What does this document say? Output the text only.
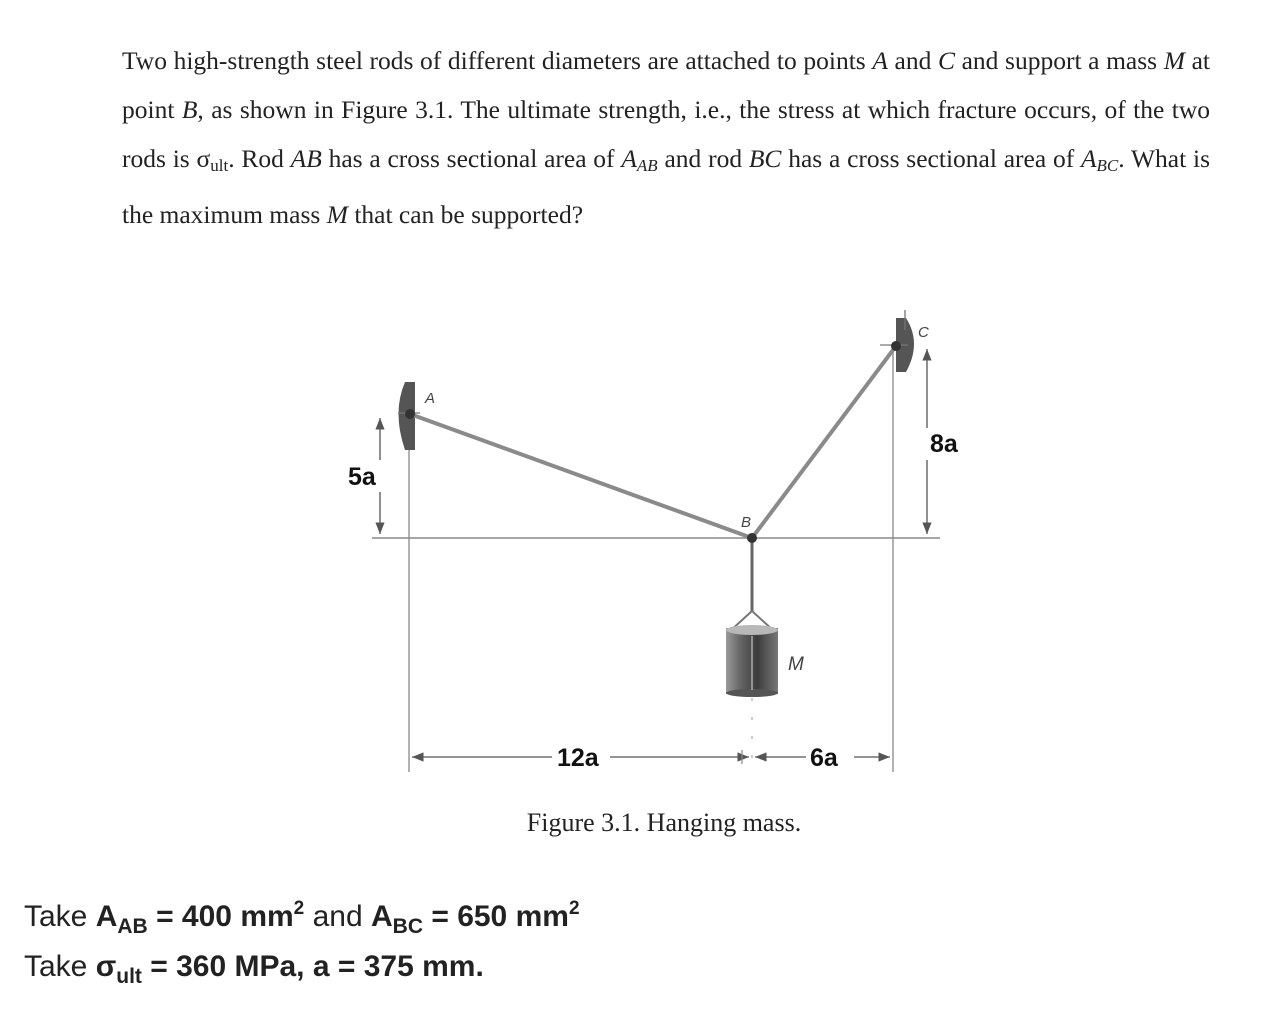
Two high-strength steel rods of different diameters are attached to points A and C and support a mass M at point B, as shown in Figure 3.1. The ultimate strength, i.e., the stress at which fracture occurs, of the two rods is $\sigma_{ult}$. Rod AB has a cross sectional area of $A_{AB}$ and rod BC has a cross sectional area of $A_{BC}$. What is the maximum mass M that can be supported?
A
B
C
M
5a
8a
12a	6a
Figure 3.1. Hanging mass.
Take $A_{AB} = 400$ $mm^2$ and $A_{BC} = 650$ $mm^2$
Take $\sigma_{ult} = 360$ MPa, a = 375 mm.
